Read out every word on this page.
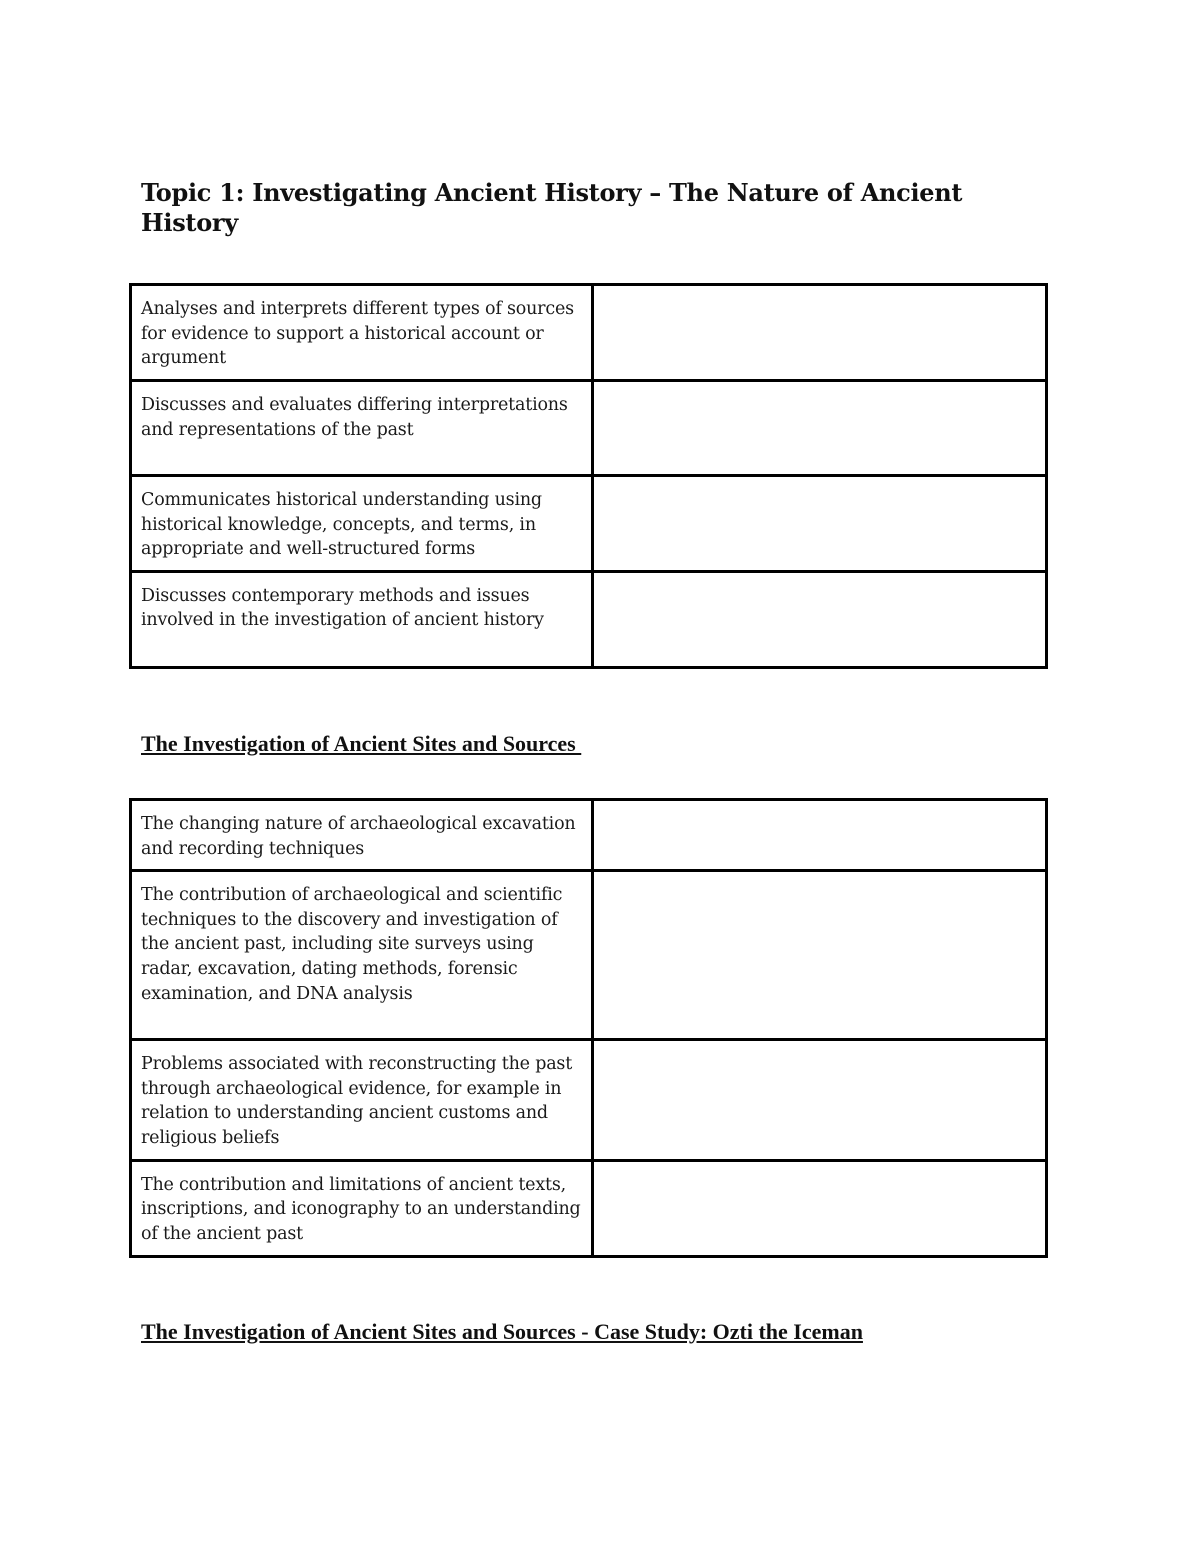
Topic 1: Investigating Ancient History – The Nature of Ancient History
Analyses and interprets different types of sources for evidence to support a historical account or argument	
Discusses and evaluates differing interpretations and representations of the past	
Communicates historical understanding using historical knowledge, concepts, and terms, in appropriate and well-structured forms	
Discusses contemporary methods and issues involved in the investigation of ancient history	
The Investigation of Ancient Sites and Sources
The changing nature of archaeological excavation and recording techniques	
The contribution of archaeological and scientific techniques to the discovery and investigation of the ancient past, including site surveys using radar, excavation, dating methods, forensic examination, and DNA analysis	
Problems associated with reconstructing the past through archaeological evidence, for example in relation to understanding ancient customs and religious beliefs	
The contribution and limitations of ancient texts, inscriptions, and iconography to an understanding of the ancient past	
The Investigation of Ancient Sites and Sources - Case Study: Ozti the Iceman
